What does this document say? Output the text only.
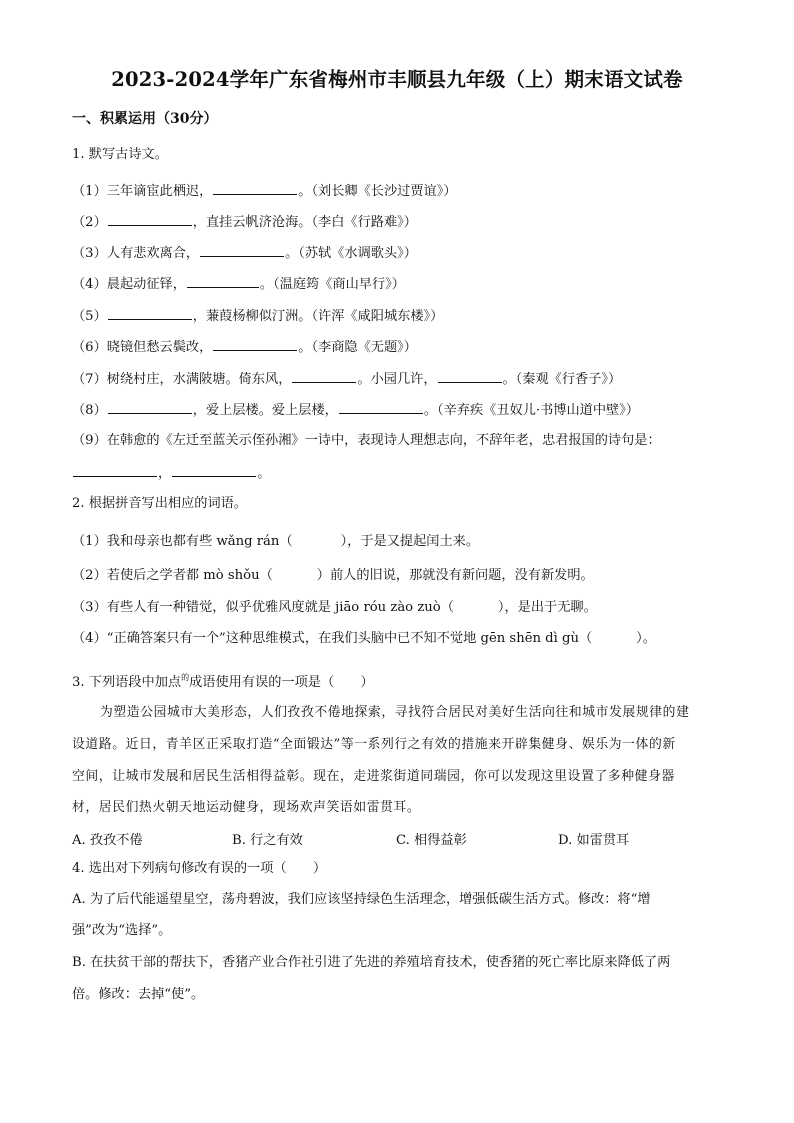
2023-2024学年广东省梅州市丰顺县九年级（上）期末语文试卷
一、积累运用（30分）
1. 默写古诗文。
（1）三年谪宦此栖迟，	。（刘长卿《长沙过贾谊》）
（2）	，直挂云帆济沧海。（李白《行路难》）
（3）人有悲欢离合，	。（苏轼《水调歌头》）
（4）晨起动征铎，	。（温庭筠《商山早行》）
（5）	，蒹葭杨柳似汀洲。（许浑《咸阳城东楼》）
（6）晓镜但愁云鬓改，	。（李商隐《无题》）
（7）树绕村庄，水满陂塘。倚东风，	。小园几许，	。（秦观《行香子》）
（8）	，爱上层楼。爱上层楼，	。（辛弃疾《丑奴儿·书博山道中壁》）
（9）在韩愈的《左迁至蓝关示侄孙湘》一诗中，表现诗人理想志向，不辞年老，忠君报国的诗句是：
，	。
2. 根据拼音写出相应的词语。
（1）我和母亲也都有些 wǎng rán（	），于是又提起闰土来。
（2）若使后之学者都 mò shǒu（	）前人的旧说，那就没有新问题，没有新发明。
（3）有些人有一种错觉，似乎优雅风度就是 jiāo róu zào zuò（	），是出于无聊。
（4）“正确答案只有一个”这种思维模式，在我们头脑中已不知不觉地 gēn shēn dì gù（	）。
3. 下列语段中加点$^的$成语使用有误的一项是（　　）
为塑造公园城市大美形态，人们孜孜不倦地探索，寻找符合居民对美好生活向往和城市发展规律的建
设道路。近日，青羊区正采取打造“全面锻达”等一系列行之有效的措施来开辟集健身、娱乐为一体的新
空间，让城市发展和居民生活相得益彰。现在，走进浆街道同瑞园，你可以发现这里设置了多种健身器
材，居民们热火朝天地运动健身，现场欢声笑语如雷贯耳。
A. 孜孜不倦	B. 行之有效	C. 相得益彰	D. 如雷贯耳
4. 选出对下列病句修改有误的一项（　　）
A. 为了后代能遥望星空，荡舟碧波，我们应该坚持绿色生活理念，增强低碳生活方式。修改：将“增
强”改为“选择”。
B. 在扶贫干部的帮扶下，香猪产业合作社引进了先进的养殖培育技术，使香猪的死亡率比原来降低了两
倍。修改：去掉“使”。
